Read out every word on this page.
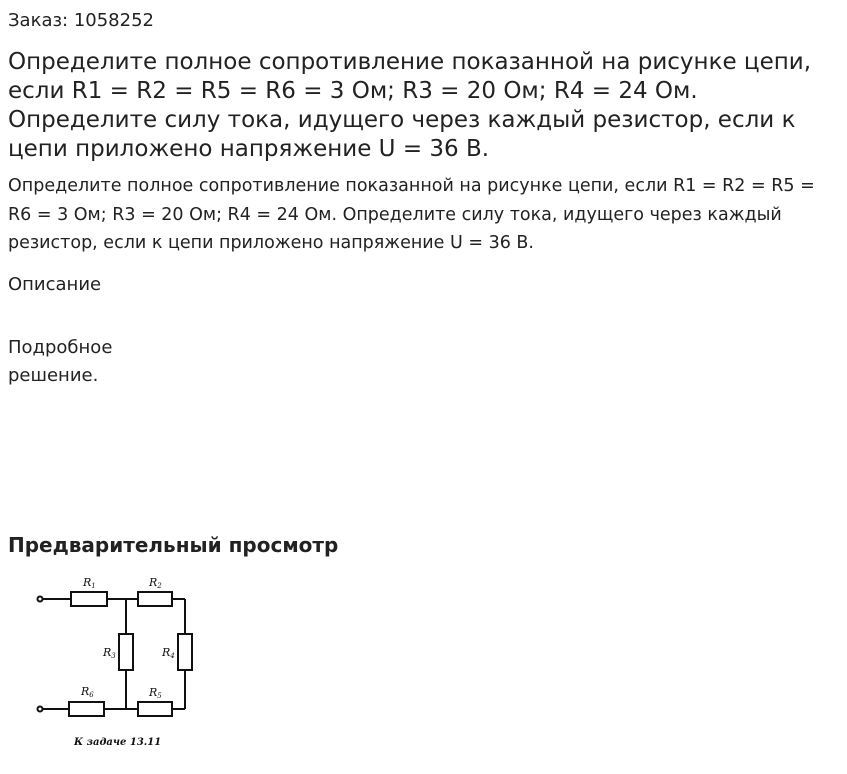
Заказ: 1058252
Определите полное сопротивление показанной на рисунке цепи, если R1 = R2 = R5 = R6 = 3 Ом; R3 = 20 Ом; R4 = 24 Ом. Определите силу тока, идущего через каждый резистор, если к цепи приложено напряжение U = 36 В.

Определите полное сопротивление показанной на рисунке цепи, если R1 = R2 = R5 = R6 = 3 Ом; R3 = 20 Ом; R4 = 24 Ом. Определите силу тока, идущего через каждый резистор, если к цепи приложено напряжение U = 36 В.

Описание

Подробное решение.

Предварительный просмотр
R1	R2
R3	R4
R5
R6
К задаче 13.11
